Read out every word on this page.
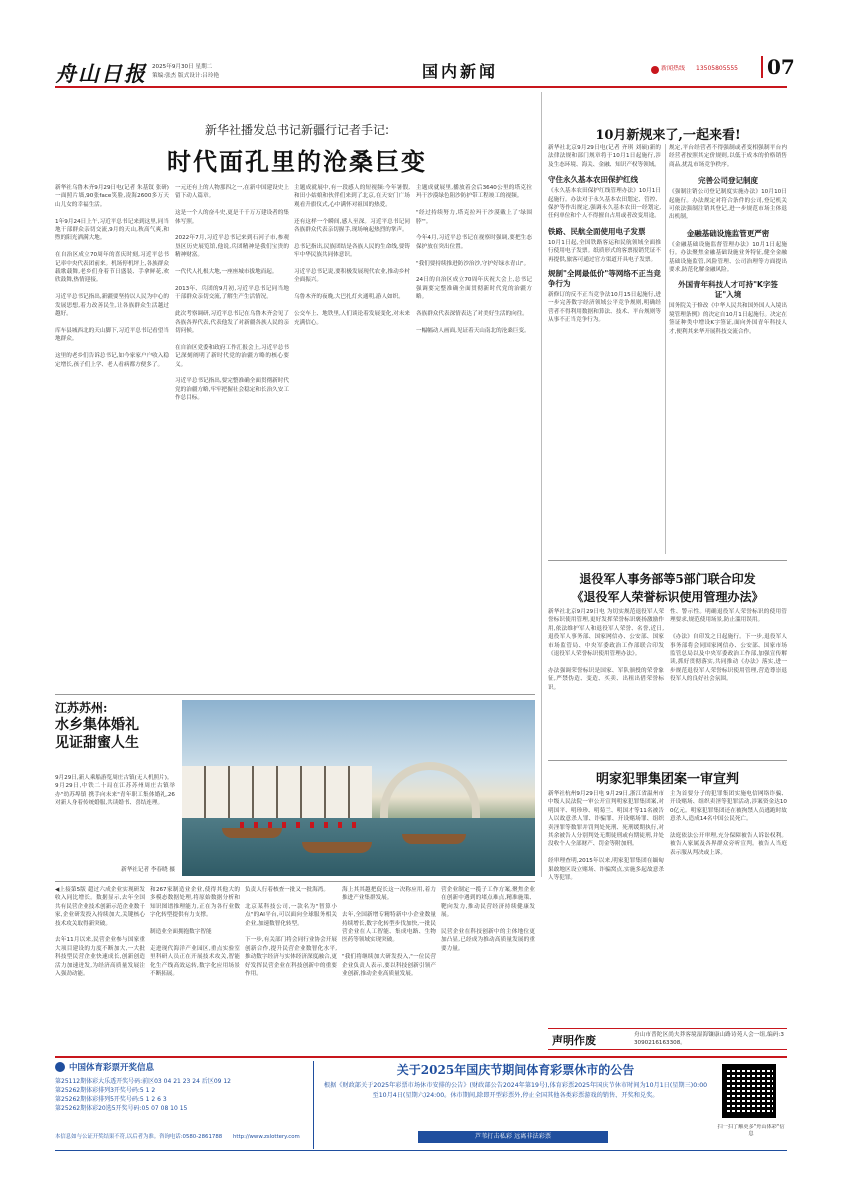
舟山日报 2025年9月30日 星期二
策编:张杰 版式设计:吕玲艳	国内新闻	新闻热线	13505805555	07
新华社播发总书记新疆行记者手记:
时代面孔里的沧桑巨变
新华社乌鲁木齐9月29日电(记者 朱基钗 张研)一面照片墙,90张face笑脸,凌海2600多万天山儿女的幸福生活。

1年9月24日上午,习近平总书记来到这里,同当地干部群众亲切交流,9月的天山,秋高气爽,和煦的阳光洒满大地。

在自治区成立70周年的喜庆时刻,习近平总书记率中央代表团前来。机场停机坪上,各族群众载歌载舞,老乡们身着节日盛装、手拿鲜花,欢欣鼓舞,热情迎接。

习近平总书记指出,新疆要坚持以人民为中心的发展思想,着力改善民生,让各族群众生活越过越好。

库车县城西北的天山脚下,习近平总书记看望当地群众。

这里的老乡们告诉总书记,如今家家户户收入稳定增长,孩子们上学、老人看病都方便多了。
一元还有上的人物那四之一,在新中国建设史上留下动人篇章。

这是一个人的奋斗史,更是千千万万建设者的集体写照。

2022年7月,习近平总书记来到石河子市,参观垦区历史展览馆,他说,兵团精神是我们宝贵的精神财富。

一代代人扎根大地,一座座城市拔地而起。

2013年、兵团的9月初,习近平总书记同当地干部群众亲切交流,了解生产生活情况。

此次考察调研,习近平总书记在乌鲁木齐会见了各族各界代表,代表他发了对新疆各族人民的亲切问候。

在自治区党委和政府工作汇报会上,习近平总书记深刻阐明了新时代党的治疆方略的核心要义。

习近平总书记指出,要完整准确全面贯彻新时代党的治疆方略,牢牢把握社会稳定和长治久安工作总目标。
主题成就展中,有一段感人的短视频:今年暑假,和田小姑娘和伙伴们来到了北京,在天安门广场观看升旗仪式,心中满怀对祖国的热爱。

还有这样一个瞬间,感人至深。习近平总书记同各族群众代表亲切握手,现场响起热烈的掌声。

总书记指出,民族团结是各族人民的生命线,要铸牢中华民族共同体意识。

习近平总书记说,要积极发展现代农业,推动乡村全面振兴。

乌鲁木齐的夜晚,大巴扎灯火通明,游人如织。

公交车上、地铁里,人们谈论着发展变化,对未来充满信心。
主题成就展里,播放着会后3640公里的塔克拉玛干沙漠绿色阻沙防护带工程竣工的视频。

"经过持续努力,塔克拉玛干沙漠戴上了'绿围脖'"。

今年4月,习近平总书记在视察时强调,要把生态保护放在突出位置。

"我们要持续推进防沙治沙,守护好绿水青山"。

24日的自治区成立70周年庆祝大会上,总书记强调要完整准确全面贯彻新时代党的治疆方略。

各族群众代表深情表达了对美好生活的向往。

一幅幅动人画面,见证着天山南北的沧桑巨变。
10月新规来了,一起来看!
新华社北京9月29日电(记者 齐琪 刘硕)新的法律法规和部门规章将于10月1日起施行,涉及生态环境、海关、金融、知识产权等领域。
守住永久基本农田保护红线
《永久基本农田保护红线管理办法》10月1日起施行。办法对于永久基本农田划定、管控、保护等作出规定,强调永久基本农田一经划定,任何单位和个人不得擅自占用或者改变用途。
铁路、民航全面使用电子发票
10月1日起,全国铁路客运和民航领域全面推行使用电子发票。纸质形式的客票报销凭证不再提供,旅客可通过官方渠道开具电子发票。
规制"全网最低价"等网络不正当竞争行为
新修订的反不正当竞争法10月15日起施行,进一步完善数字经济领域公平竞争规则,明确经营者不得利用数据和算法、技术、平台规则等从事不正当竞争行为。
规定,平台经营者不得强制或者变相强制平台内经营者按照其定价规则,以低于成本的价格销售商品,扰乱市场竞争秩序。
完善公司登记制度
《强制注销公司登记制度实施办法》10月10日起施行。办法规定对符合条件的公司,登记机关可依法强制注销其登记,进一步规范市场主体退出机制。
金融基础设施监管更严密
《金融基础设施监督管理办法》10月1日起施行。办法聚焦金融基础设施业务特征,健全金融基础设施监管,风险管理、公司治理等方面提出要求,防范化解金融风险。
外国青年科技人才可持"K字签证"入境
国务院关于修改《中华人民共和国外国人入境出境管理条例》的决定自10月1日起施行。决定在签证种类中增设K字签证,面向外国青年科技人才,便利其来华开展科技交流合作。
退役军人事务部等5部门联合印发
《退役军人荣誉标识使用管理办法》
新华社北京9月29日电 为切实规范退役军人荣誉标识使用管理,更好发挥荣誉标识褒扬激励作用,依法维护军人和退役军人荣誉、名誉,近日,退役军人事务部、国家网信办、公安部、国家市场监管局、中央军委政治工作部联合印发《退役军人荣誉标识使用管理办法》。

办法强调荣誉标识是国家、军队颁授的荣誉象征,严禁伪造、变造、买卖、出租出借荣誉标识。
性、警示性。明确退役军人荣誉标识的使用管理要求,规范使用场景,防止滥用误用。

《办法》自印发之日起施行。下一步,退役军人事务部将会同国家网信办、公安部、国家市场监管总局以及中央军委政治工作部,加强宣传解读,抓好贯彻落实,共同推动《办法》落实,进一步规范退役军人荣誉标识使用管理,营造尊崇退役军人的良好社会氛围。
明家犯罪集团案一审宣判
新华社杭州9月29日电 9月29日,浙江省温州市中级人民法院一审公开宣判明家犯罪集团案,对明国平、明珍珍、明菊兰、明国才等11名被告人以故意杀人罪、诈骗罪、开设赌场罪、组织卖淫罪等数罪并罚判处死刑、死刑缓期执行,对其余被告人分别判处无期徒刑或有期徒刑,并处没收个人全部财产、罚金等附加刑。

经审理查明,2015年以来,明家犯罪集团在缅甸果敢地区设立赌场、诈骗窝点,实施多起故意杀人等犯罪。
主为首要分子的犯罪集团实施电信网络诈骗、开设赌场、组织卖淫等犯罪活动,涉案资金达100亿元。明家犯罪集团还在被拘禁人员逃跑时故意杀人,造成14名中国公民死亡。

法庭依法公开审理,充分保障被告人诉讼权利。被告人家属及各界群众旁听宣判。被告人当庭表示服从判决或上诉。
江苏苏州:
水乡集体婚礼
见证甜蜜人生
9月29日,新人乘船游览周庄古镇(无人机照片)。
9月29日,中铁二十局在江苏苏州周庄古镇举办"幼苏埠镇 携手向未来"青年职工集体婚礼,26对新人身着传统婚服,共读婚书、喜结连理。
新华社记者 李春晓 摄
◀上接第5版 超过六成企业实现研发收入同比增长。数据显示,去年全国共有民营企业技术创新示范企业数千家,企业研发投入持续加大,关键核心技术攻关取得新突破。

去年11月以来,民营企业参与国家重大项目建设的力度不断加大,一大批科技型民营企业快速成长,创新创造活力加速迸发,为经济高质量发展注入强劲动能。
和267家制造业企业,使得其他大的多模态数据处理,将原始数据分析和知识图谱推理能力,正在为各行业数字化转型提供有力支撑。

制造业全面拥抱数字智能

走进现代海洋产业园区,重点实验室里科研人员正在开展技术攻关,智能化生产线高效运转,数字化应用场景不断拓展。
负责人行着核查一批又一批海湾。

北京某科技公司,一款名为"智算小点"的AI平台,可以面向全球服务相关企业,加速数智化转型。

下一步,有关部门将会同行业协会开展创新合作,提升民营企业数智化水平,推动数字经济与实体经济深度融合,更好发挥民营企业在科技创新中的重要作用。
海上其其越把促长这一决称应用,着力推进产业集群发展。

去年,全国新增专精特新中小企业数量持续增长,数字化转型步伐加快,一批民营企业在人工智能、集成电路、生物医药等领域实现突破。

"我们将继续加大研发投入,"一位民营企业负责人表示,要以科技创新引领产业创新,推动企业高质量发展。
营企业制定一揽子工作方案,聚焦企业在创新中遇到的堵点难点,精准施策、靶向发力,推动民营经济持续健康发展。

民营企业在科技创新中的主体地位更加凸显,已经成为推动高质量发展的重要力量。
声明作废	舟山市普陀区尚夫莽客境湿海镶康山路诗苑人会一组,编码:33090216163308。
中国体育彩票开奖信息
第25112期体彩大乐透开奖号码:前区03 04 21 23 24 后区09 12
第25262期体彩排列3开奖号码:5 1 2
第25262期体彩排列5开奖号码:5 1 2 6 3
第25262期体彩20选5开奖号码:05 07 08 10 15
本信息如与公证开奖结果不符,以后者为准。咨询电话:0580-2861788	http://www.zslottery.com
关于2025年国庆节期间体育彩票休市的公告
根据《财政部关于2025年彩票市场休市安排的公告》(财政部公告2024年第19号),体育彩票2025年国庆节休市时间为10月1日(星期三)0:00至10月4日(星期六)24:00。休市期间,除即开型彩票外,停止全国其他各类彩票游戏的销售、开奖和兑奖。
芦苇打击私彩 远离非法彩票
扫一扫了解更多"舟山体彩"信息
